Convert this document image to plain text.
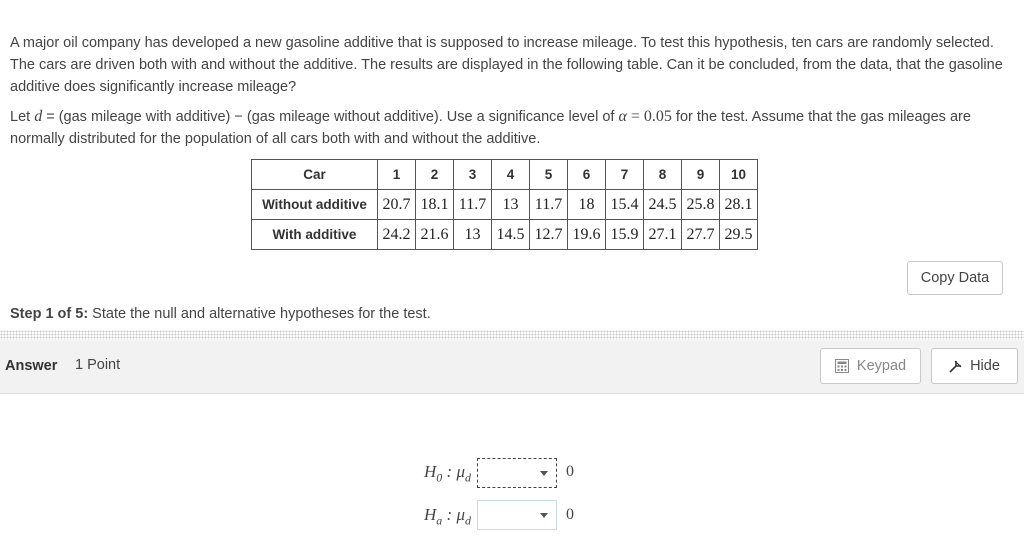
A major oil company has developed a new gasoline additive that is supposed to increase mileage. To test this hypothesis, ten cars are randomly selected. The cars are driven both with and without the additive. The results are displayed in the following table. Can it be concluded, from the data, that the gasoline additive does significantly increase mileage?
Let d = (gas mileage with additive) − (gas mileage without additive). Use a significance level of α = 0.05 for the test. Assume that the gas mileages are normally distributed for the population of all cars both with and without the additive.
Car	1	2	3	4	5	6	7	8	9	10
Without additive	20.7	18.1	11.7	13	11.7	18	15.4	24.5	25.8	28.1
With additive	24.2	21.6	13	14.5	12.7	19.6	15.9	27.1	27.7	29.5
Copy Data
Step 1 of 5: State the null and alternative hypotheses for the test.
Answer 1 Point	Keypad	Hide
$H_0$ : $\mu_d$	0
$H_a$ : $\mu_d$	0
